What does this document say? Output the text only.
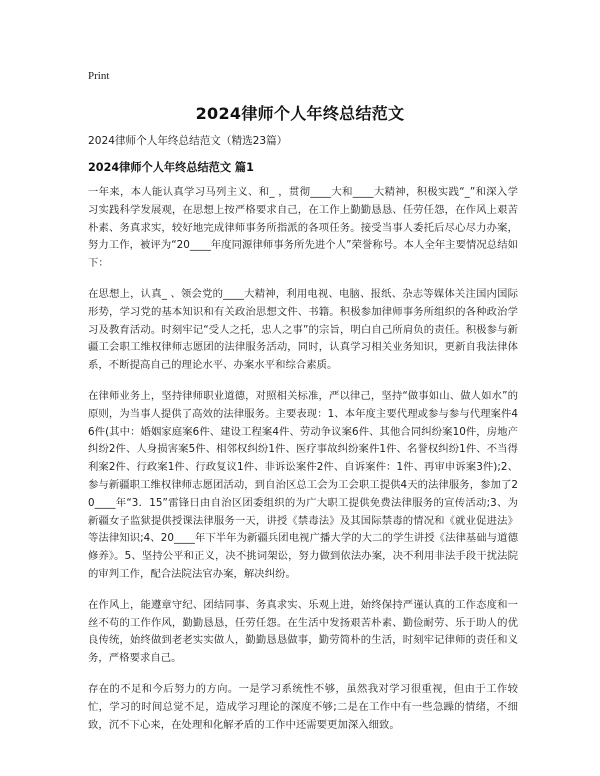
Print
2024律师个人年终总结范文
2024律师个人年终总结范文（精选23篇）
2024律师个人年终总结范文 篇1

一年来，本人能认真学习马列主义、和_ ，贯彻____大和____大精神，积极实践“_”和深入学习实践科学发展观，在思想上按严格要求自己，在工作上勤勤恳恳、任劳任怨，在作风上艰苦朴素、务真求实，较好地完成律师事务所指派的各项任务。接受当事人委托后尽心尽力办案，努力工作，被评为“20____年度同源律师事务所先进个人”荣誉称号。本人全年主要情况总结如下：

在思想上，认真_ 、领会党的____大精神，利用电视、电脑、报纸、杂志等媒体关注国内国际形势，学习党的基本知识和有关政治思想文件、书籍。积极参加律师事务所组织的各种政治学习及教育活动。时刻牢记“受人之托，忠人之事”的宗旨，明白自己所肩负的责任。积极参与新疆工会职工维权律师志愿团的法律服务活动，同时，认真学习相关业务知识，更新自我法律体系，不断提高自己的理论水平、办案水平和综合素质。

在律师业务上，坚持律师职业道德，对照相关标准，严以律己，坚持“做事如山、做人如水”的原则，为当事人提供了高效的法律服务。主要表现：1、本年度主要代理或参与参与代理案件46件(其中：婚姻家庭案6件、建设工程案4件、劳动争议案6件、其他合同纠纷案10件，房地产纠纷2件、人身损害案5件、相邻权纠纷1件、医疗事故纠纷案件1件、名誉权纠纷1件、不当得利案2件、行政案1件、行政复议1件、非诉讼案件2件、自诉案件：1件、再审申诉案3件);2、参与新疆职工维权律师志愿团活动，到自治区总工会为工会职工提供4天的法律服务，参加了20____年“3．15”雷锋日由自治区团委组织的为广大职工提供免费法律服务的宣传活动;3、为新疆女子监狱提供授课法律服务一天，讲授《禁毒法》及其国际禁毒的情况和《就业促进法》等法律知识;4、20____年下半年为新疆兵团电视广播大学的大二的学生讲授《法律基础与道德修养》。5、坚持公平和正义，决不挑词架讼，努力做到依法办案，决不利用非法手段干扰法院的审判工作，配合法院法官办案，解决纠纷。

在作风上，能遵章守纪、团结同事、务真求实、乐观上进，始终保持严谨认真的工作态度和一丝不苟的工作作风，勤勤恳恳，任劳任怨。在生活中发扬艰苦朴素、勤俭耐劳、乐于助人的优良传统，始终做到老老实实做人，勤勤恳恳做事，勤劳简朴的生活，时刻牢记律师的责任和义务，严格要求自己。

存在的不足和今后努力的方向。一是学习系统性不够，虽然我对学习很重视，但由于工作较忙，学习的时间总觉不足，造成学习理论的深度不够;二是在工作中有一些急躁的情绪，不细致，沉不下心来，在处理和化解矛盾的工作中还需要更加深入细致。
